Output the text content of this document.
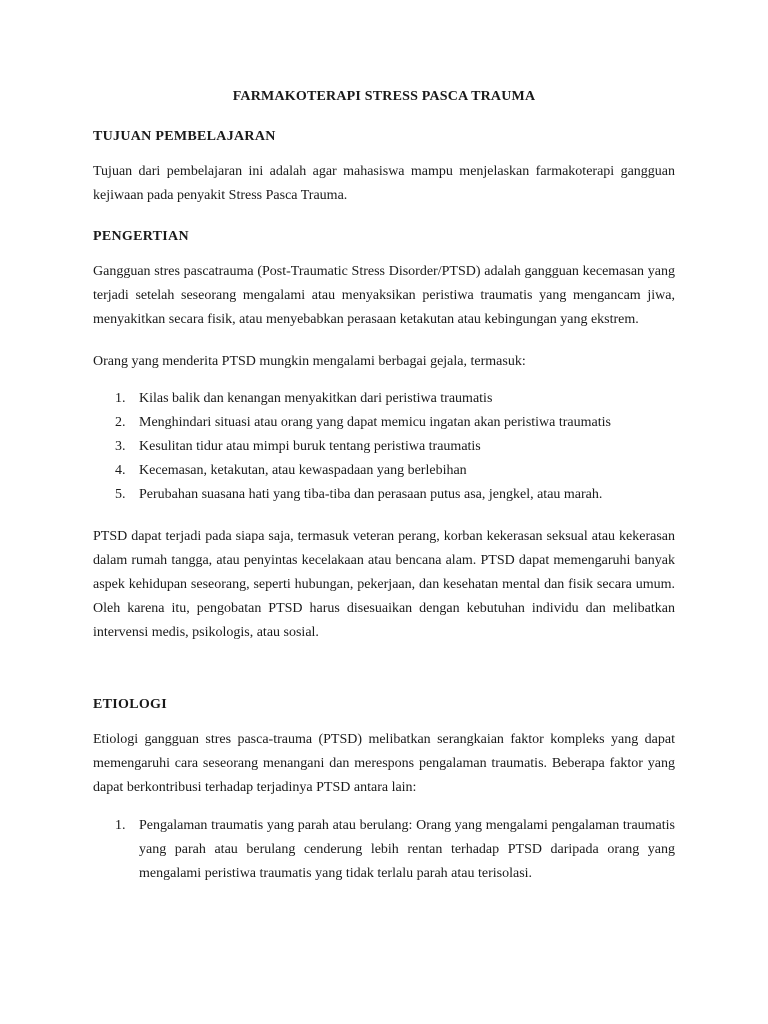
FARMAKOTERAPI STRESS PASCA TRAUMA
TUJUAN PEMBELAJARAN

Tujuan dari pembelajaran ini adalah agar mahasiswa mampu menjelaskan farmakoterapi gangguan kejiwaan pada penyakit Stress Pasca Trauma.

PENGERTIAN

Gangguan stres pascatrauma (Post-Traumatic Stress Disorder/PTSD) adalah gangguan kecemasan yang terjadi setelah seseorang mengalami atau menyaksikan peristiwa traumatis yang mengancam jiwa, menyakitkan secara fisik, atau menyebabkan perasaan ketakutan atau kebingungan yang ekstrem.

Orang yang menderita PTSD mungkin mengalami berbagai gejala, termasuk:

1. Kilas balik dan kenangan menyakitkan dari peristiwa traumatis
2. Menghindari situasi atau orang yang dapat memicu ingatan akan peristiwa traumatis
3. Kesulitan tidur atau mimpi buruk tentang peristiwa traumatis
4. Kecemasan, ketakutan, atau kewaspadaan yang berlebihan
5. Perubahan suasana hati yang tiba-tiba dan perasaan putus asa, jengkel, atau marah.

PTSD dapat terjadi pada siapa saja, termasuk veteran perang, korban kekerasan seksual atau kekerasan dalam rumah tangga, atau penyintas kecelakaan atau bencana alam. PTSD dapat memengaruhi banyak aspek kehidupan seseorang, seperti hubungan, pekerjaan, dan kesehatan mental dan fisik secara umum. Oleh karena itu, pengobatan PTSD harus disesuaikan dengan kebutuhan individu dan melibatkan intervensi medis, psikologis, atau sosial.

ETIOLOGI

Etiologi gangguan stres pasca-trauma (PTSD) melibatkan serangkaian faktor kompleks yang dapat memengaruhi cara seseorang menangani dan merespons pengalaman traumatis. Beberapa faktor yang dapat berkontribusi terhadap terjadinya PTSD antara lain:

1. Pengalaman traumatis yang parah atau berulang: Orang yang mengalami pengalaman traumatis yang parah atau berulang cenderung lebih rentan terhadap PTSD daripada orang yang mengalami peristiwa traumatis yang tidak terlalu parah atau terisolasi.
